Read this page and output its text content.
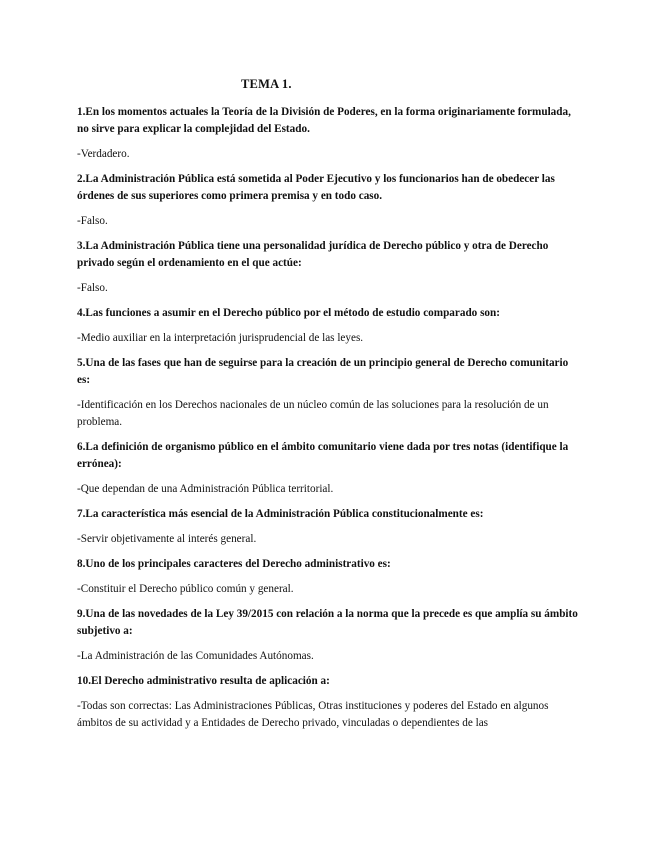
TEMA 1.

1.En los momentos actuales la Teoría de la División de Poderes, en la forma originariamente formulada, no sirve para explicar la complejidad del Estado.

-Verdadero.

2.La Administración Pública está sometida al Poder Ejecutivo y los funcionarios han de obedecer las órdenes de sus superiores como primera premisa y en todo caso.

-Falso.

3.La Administración Pública tiene una personalidad jurídica de Derecho público y otra de Derecho privado según el ordenamiento en el que actúe:

-Falso.

4.Las funciones a asumir en el Derecho público por el método de estudio comparado son:

-Medio auxiliar en la interpretación jurisprudencial de las leyes.

5.Una de las fases que han de seguirse para la creación de un principio general de Derecho comunitario es:

-Identificación en los Derechos nacionales de un núcleo común de las soluciones para la resolución de un problema.

6.La definición de organismo público en el ámbito comunitario viene dada por tres notas (identifique la errónea):

-Que dependan de una Administración Pública territorial.

7.La característica más esencial de la Administración Pública constitucionalmente es:

-Servir objetivamente al interés general.

8.Uno de los principales caracteres del Derecho administrativo es:

-Constituir el Derecho público común y general.

9.Una de las novedades de la Ley 39/2015 con relación a la norma que la precede es que amplía su ámbito subjetivo a:

-La Administración de las Comunidades Autónomas.

10.El Derecho administrativo resulta de aplicación a:

-Todas son correctas: Las Administraciones Públicas, Otras instituciones y poderes del Estado en algunos ámbitos de su actividad y a Entidades de Derecho privado, vinculadas o dependientes de las
